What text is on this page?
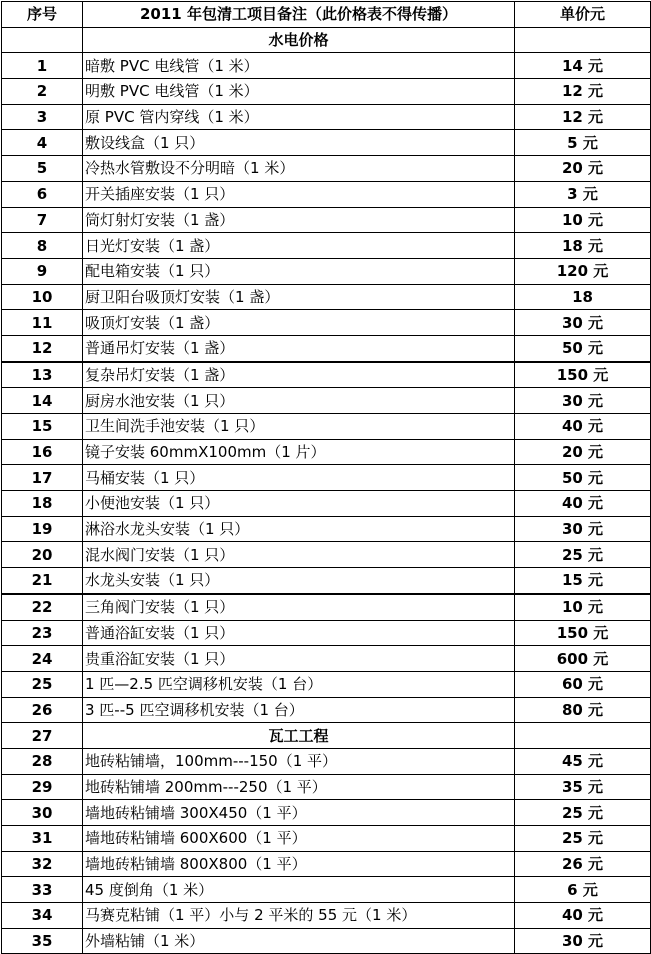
序号	2011 年包清工项目备注（此价格表不得传播）	单价元
	水电价格	
1	暗敷 PVC 电线管（1 米）	14 元
2	明敷 PVC 电线管（1 米）	12 元
3	原 PVC 管内穿线（1 米）	12 元
4	敷设线盒（1 只）	5 元
5	冷热水管敷设不分明暗（1 米）	20 元
6	开关插座安装（1 只）	3 元
7	筒灯射灯安装（1 盏）	10 元
8	日光灯安装（1 盏）	18 元
9	配电箱安装（1 只）	120 元
10	厨卫阳台吸顶灯安装（1 盏）	18
11	吸顶灯安装（1 盏）	30 元
12	普通吊灯安装（1 盏）	50 元
13	复杂吊灯安装（1 盏）	150 元
14	厨房水池安装（1 只）	30 元
15	卫生间洗手池安装（1 只）	40 元
16	镜子安装 60mmX100mm（1 片）	20 元
17	马桶安装（1 只）	50 元
18	小便池安装（1 只）	40 元
19	淋浴水龙头安装（1 只）	30 元
20	混水阀门安装（1 只）	25 元
21	水龙头安装（1 只）	15 元
22	三角阀门安装（1 只）	10 元
23	普通浴缸安装（1 只）	150 元
24	贵重浴缸安装（1 只）	600 元
25	1 匹—2.5 匹空调移机安装（1 台）	60 元
26	3 匹--5 匹空调移机安装（1 台）	80 元
27	瓦工工程	
28	地砖粘铺墙，100mm---150（1 平）	45 元
29	地砖粘铺墙 200mm---250（1 平）	35 元
30	墙地砖粘铺墙 300X450（1 平）	25 元
31	墙地砖粘铺墙 600X600（1 平）	25 元
32	墙地砖粘铺墙 800X800（1 平）	26 元
33	45 度倒角（1 米）	6 元
34	马赛克粘铺（1 平）小与 2 平米的 55 元（1 米）	40 元
35	外墙粘铺（1 米）	30 元
